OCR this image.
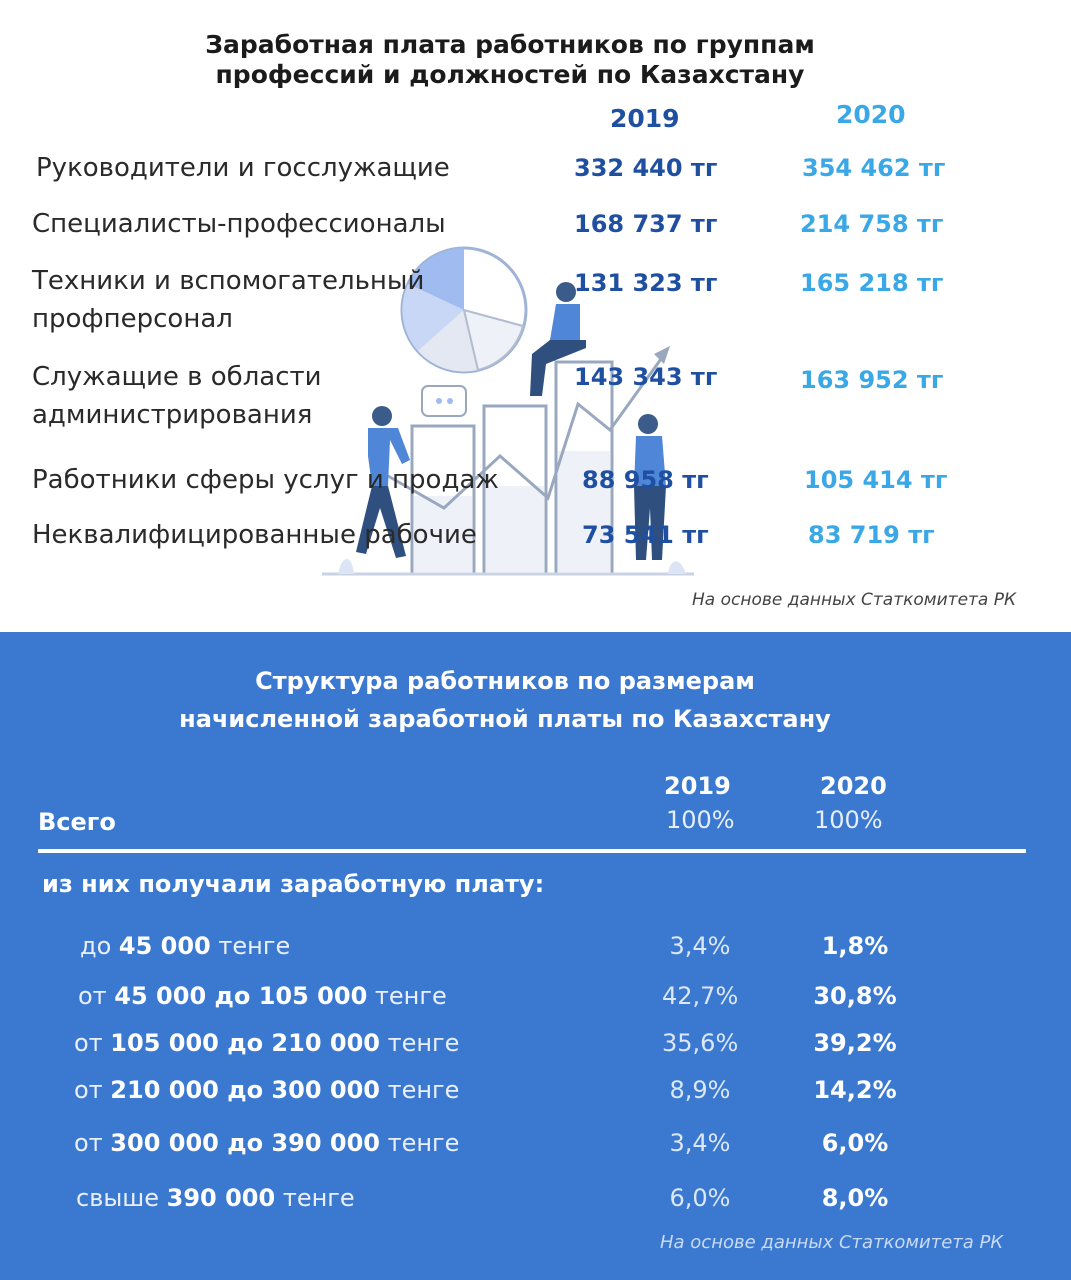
Заработная плата работников по группам
профессий и должностей по Казахстану
2019	2020
Руководители и госслужащие	332 440 тг	354 462 тг
Специалисты-профессионалы	168 737 тг	214 758 тг
Техники и вспомогательный
профперсонал
131 323 тг	165 218 тг
Служащие в области
администрирования
143 343 тг	163 952 тг
Работники сферы услуг и продаж	88 958 тг	105 414 тг
Неквалифицированные рабочие	73 541 тг	83 719 тг
На основе данных Статкомитета РК
Структура работников по размерам
начисленной заработной платы по Казахстану
2019	2020
Всего	100%	100%
из них получали заработную плату:
до 45 000 тенге	3,4%	1,8%
от 45 000 до 105 000 тенге	42,7%	30,8%
от 105 000 до 210 000 тенге	35,6%	39,2%
от 210 000 до 300 000 тенге	8,9%	14,2%
от 300 000 до 390 000 тенге	3,4%	6,0%
свыше 390 000 тенге	6,0%	8,0%
На основе данных Статкомитета РК
